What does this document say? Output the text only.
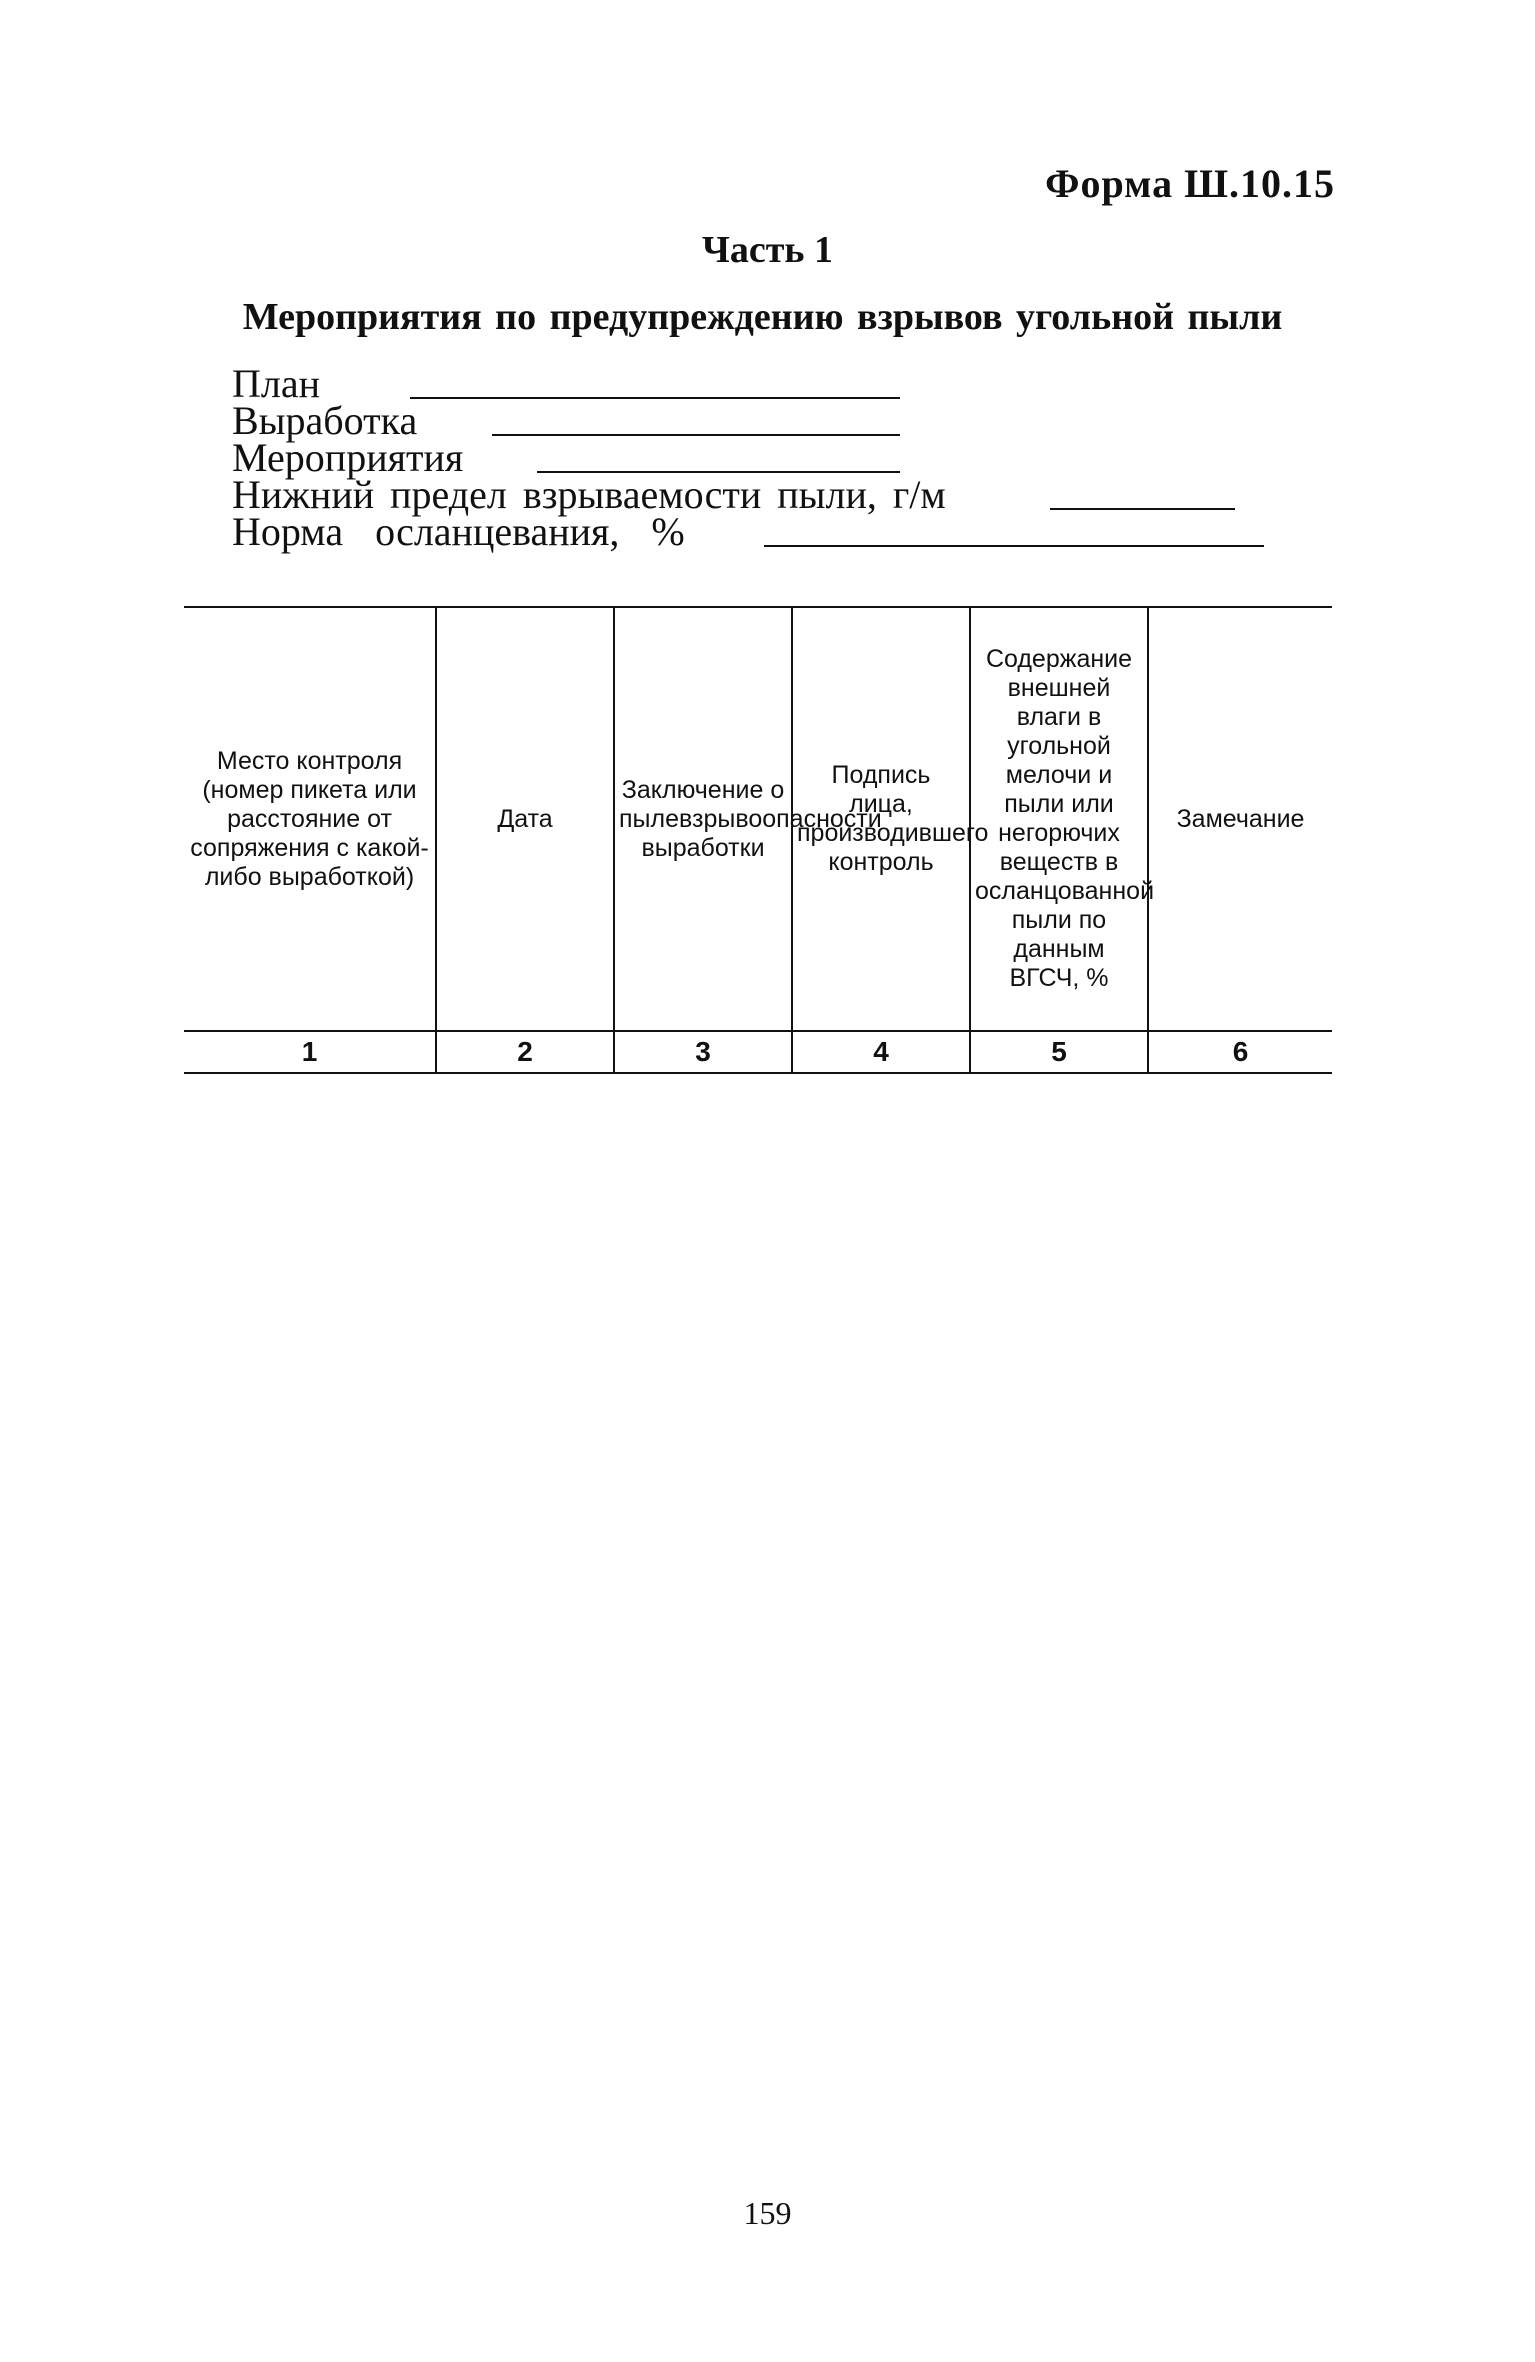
Форма Ш.10.15
Часть 1
Мероприятия по предупреждению взрывов угольной пыли
План
Выработка
Мероприятия
Нижний предел взрываемости пыли, г/м
Норма осланцевания, %
Место контроля (номер пикета или расстояние от сопряжения с какой-либо выработкой)	Дата	Заключение о пылевзрывоопасности выработки	Подпись лица, производившего контроль	Содержание внешней влаги в угольной мелочи и пыли или негорючих веществ в осланцованной пыли по данным ВГСЧ, %	Замечание
1	2	3	4	5	6
159
